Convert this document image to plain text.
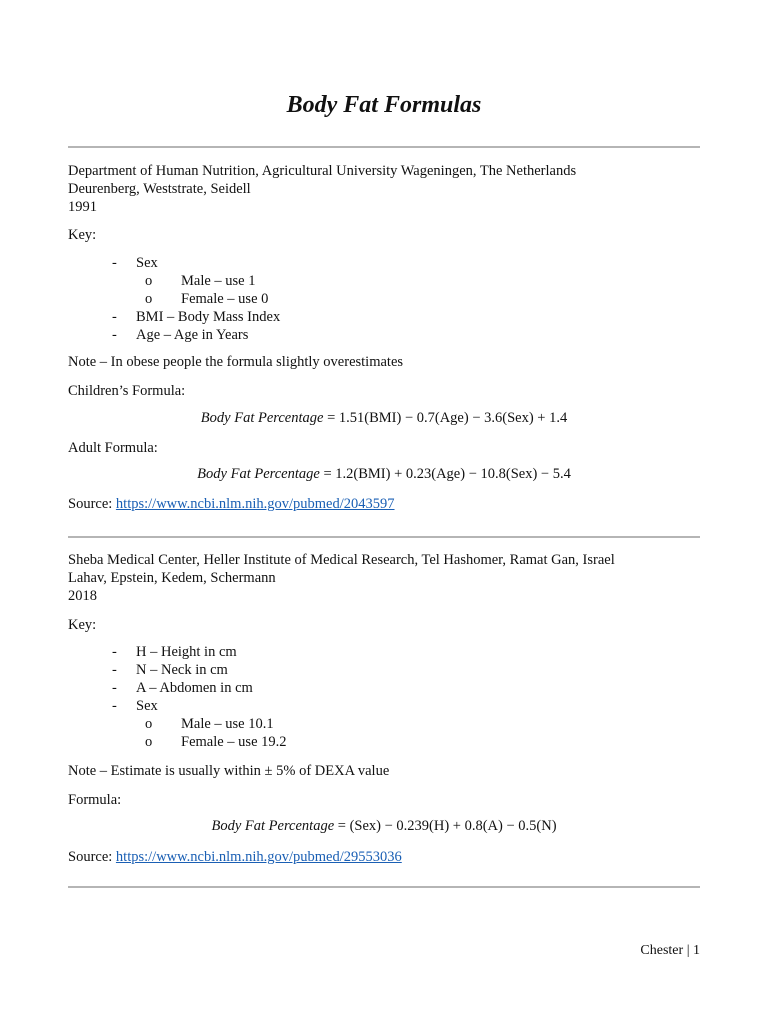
Body Fat Formulas
Department of Human Nutrition, Agricultural University Wageningen, The Netherlands
Deurenberg, Weststrate, Seidell
1991
Key:
- Sex
o Male – use 1
o Female – use 0
- BMI – Body Mass Index
- Age – Age in Years
Note – In obese people the formula slightly overestimates
Children’s Formula:
Body Fat Percentage = 1.51(BMI) − 0.7(Age) − 3.6(Sex) + 1.4
Adult Formula:
Body Fat Percentage = 1.2(BMI) + 0.23(Age) − 10.8(Sex) − 5.4
Source: https://www.ncbi.nlm.nih.gov/pubmed/2043597
Sheba Medical Center, Heller Institute of Medical Research, Tel Hashomer, Ramat Gan, Israel
Lahav, Epstein, Kedem, Schermann
2018
Key:
- H – Height in cm
- N – Neck in cm
- A – Abdomen in cm
- Sex
o Male – use 10.1
o Female – use 19.2
Note – Estimate is usually within ± 5% of DEXA value
Formula:
Body Fat Percentage = (Sex) − 0.239(H) + 0.8(A) − 0.5(N)
Source: https://www.ncbi.nlm.nih.gov/pubmed/29553036
Chester | 1
